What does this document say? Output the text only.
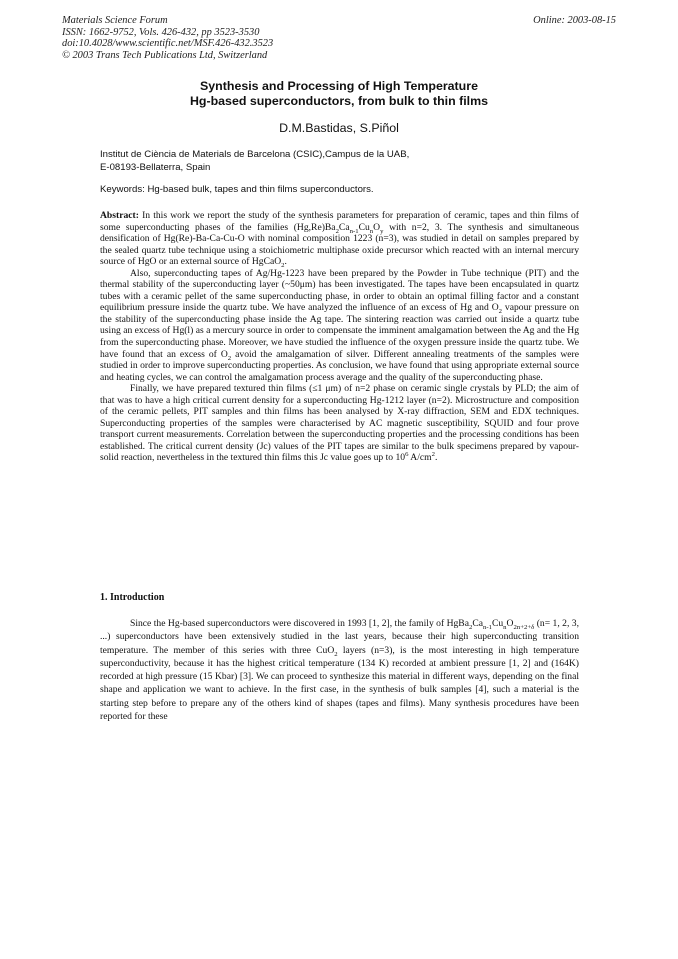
Materials Science Forum
ISSN: 1662-9752, Vols. 426-432, pp 3523-3530
doi:10.4028/www.scientific.net/MSF.426-432.3523
© 2003 Trans Tech Publications Ltd, Switzerland
Online: 2003-08-15
Synthesis and Processing of High Temperature
Hg-based superconductors, from bulk to thin films
D.M.Bastidas, S.Piñol
Institut de Ciència de Materials de Barcelona (CSIC),Campus de la UAB,
E-08193-Bellaterra, Spain
Keywords: Hg-based bulk, tapes and thin films superconductors.

Abstract: In this work we report the study of the synthesis parameters for preparation of ceramic, tapes and thin films of some superconducting phases of the families $(Hg,Re)Ba_2Ca_{n-1}Cu_nO_y$ with n=2, 3. The synthesis and simultaneous densification of Hg(Re)-Ba-Ca-Cu-O with nominal composition 1223 (n=3), was studied in detail on samples prepared by the sealed quartz tube technique using a stoichiometric multiphase oxide precursor which reacted with an internal mercury source of HgO or an external source of HgCaO$_2$.

Also, superconducting tapes of Ag/Hg-1223 have been prepared by the Powder in Tube technique (PIT) and the thermal stability of the superconducting layer (~50μm) has been investigated. The tapes have been encapsulated in quartz tubes with a ceramic pellet of the same superconducting phase, in order to obtain an optimal filling factor and a constant equilibrium pressure inside the quartz tube. We have analyzed the influence of an excess of Hg and $O_2$ vapour pressure on the stability of the superconducting phase inside the Ag tape. The sintering reaction was carried out inside a quartz tube using an excess of Hg(l) as a mercury source in order to compensate the imminent amalgamation between the Ag and the Hg from the superconducting phase. Moreover, we have studied the influence of the oxygen pressure inside the quartz tube. We have found that an excess of $O_2$ avoid the amalgamation of silver. Different annealing treatments of the samples were studied in order to improve superconducting properties. As conclusion, we have found that using appropriate external source and heating cycles, we can control the amalgamation process average and the quality of the superconducting phase.

Finally, we have prepared textured thin films (≤1 μm) of n=2 phase on ceramic single crystals by PLD; the aim of that was to have a high critical current density for a superconducting Hg-1212 layer (n=2). Microstructure and composition of the ceramic pellets, PIT samples and thin films has been analysed by X-ray diffraction, SEM and EDX techniques. Superconducting properties of the samples were characterised by AC magnetic susceptibility, SQUID and four prove transport current measurements. Correlation between the superconducting properties and the processing conditions has been established. The critical current density (Jc) values of the PIT tapes are similar to the bulk specimens prepared by vapour-solid reaction, nevertheless in the textured thin films this Jc value goes up to $10^6$ $A/cm^2$.

1. Introduction
Since the Hg-based superconductors were discovered in 1993 [1, 2], the family of $HgBa_2Ca_{n-1}Cu_nO_{2n+2+\delta}$ (n= 1, 2, 3, ...) superconductors have been extensively studied in the last years, because their high superconducting transition temperature. The member of this series with three CuO$_2$ layers (n=3), is the most interesting in high temperature superconductivity, because it has the highest critical temperature (134 K) recorded at ambient pressure [1, 2] and (164K) recorded at high pressure (15 Kbar) [3]. We can proceed to synthesize this material in different ways, depending on the final shape and application we want to achieve. In the first case, in the synthesis of bulk samples [4], such a material is the starting step before to prepare any of the others kind of shapes (tapes and films). Many synthesis procedures have been reported for these
